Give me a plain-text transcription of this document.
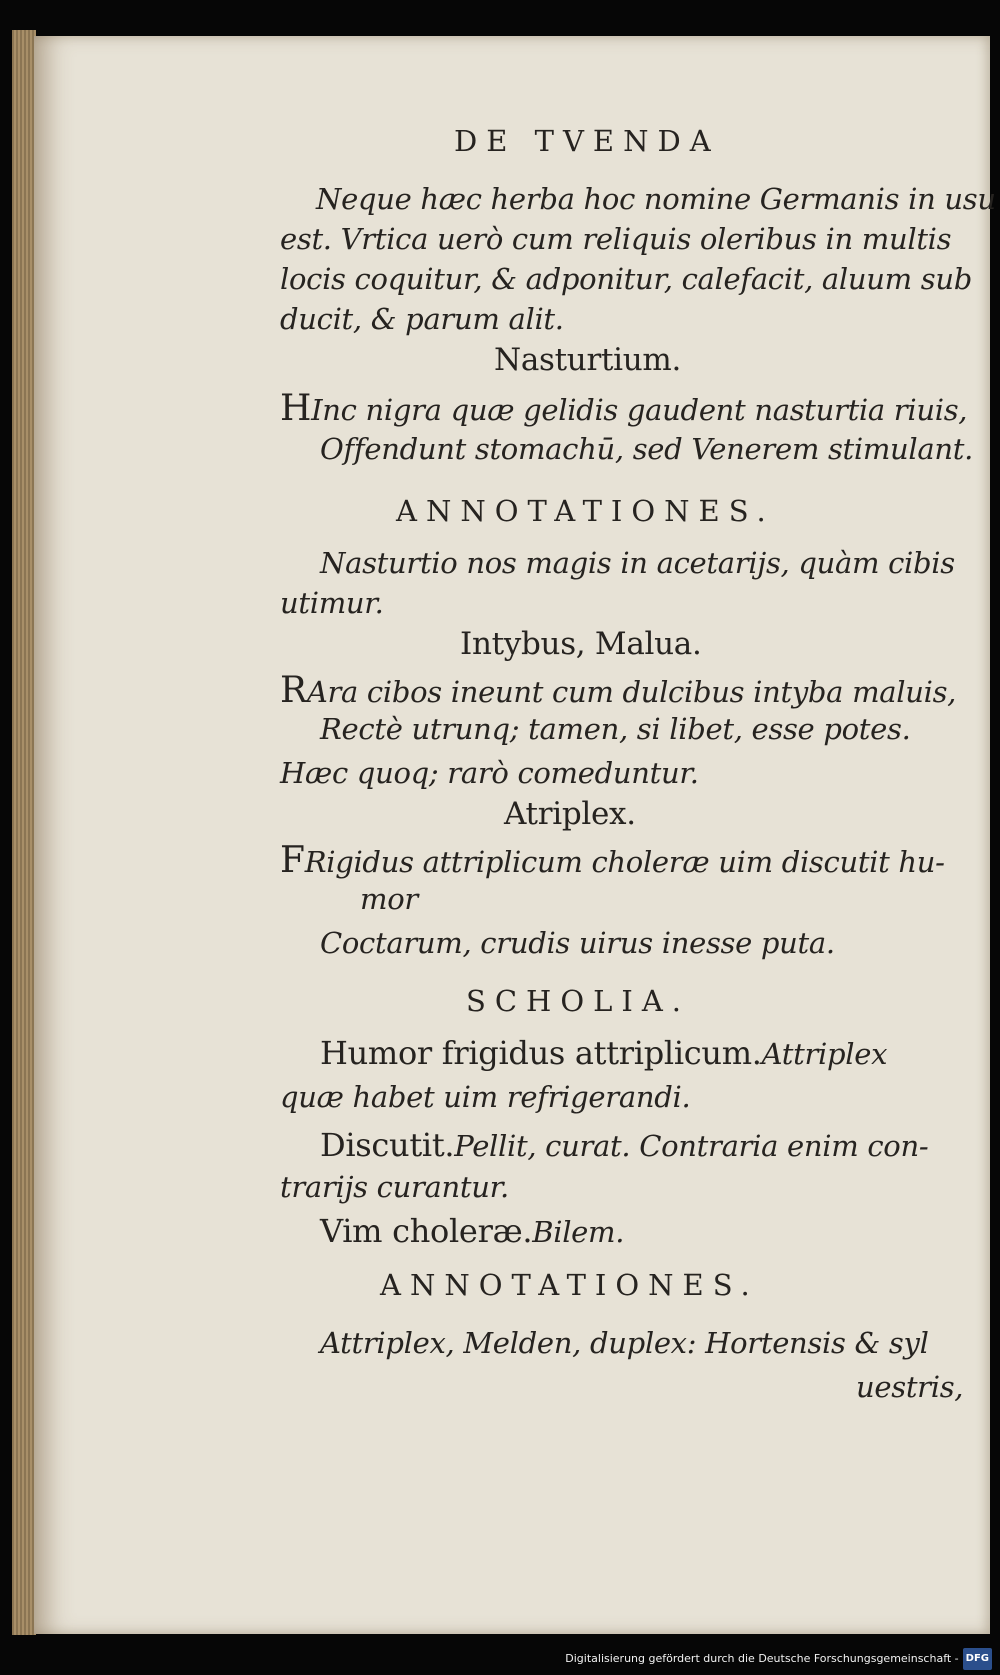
DE TVENDA
Neque hæc herba hoc nomine Germanis in usu
est. Vrtica uerò cum reliquis oleribus in multis
locis coquitur, & adponitur, calefacit, aluum sub
ducit, & parum alit.
Nasturtium.
HInc nigra quæ gelidis gaudent nasturtia riuis,
Offendunt stomachū, sed Venerem stimulant.
ANNOTATIONES.
Nasturtio nos magis in acetarijs, quàm cibis
utimur.
Intybus, Malua.
RAra cibos ineunt cum dulcibus intyba maluis,
Rectè utrunq; tamen, si libet, esse potes.
Hæc quoq; rarò comeduntur.
Atriplex.
FRigidus attriplicum choleræ uim discutit hu-
mor
Coctarum, crudis uirus inesse puta.
SCHOLIA.
Humor frigidus attriplicum.Attriplex
quæ habet uim refrigerandi.
Discutit.Pellit, curat. Contraria enim con-
trarijs curantur.
Vim choleræ.Bilem.
ANNOTATIONES.
Attriplex, Melden, duplex: Hortensis & syl
uestris,
Digitalisierung gefördert durch die Deutsche Forschungsgemeinschaft - DFG
